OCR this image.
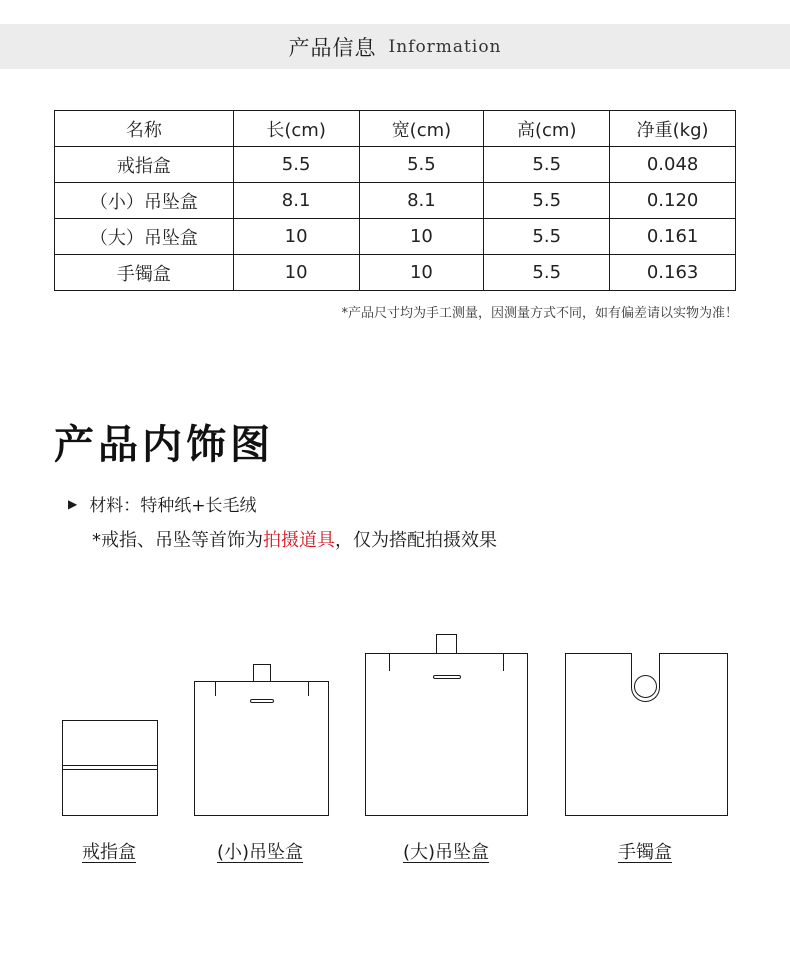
产品信息 Information
名称	长(cm)	宽(cm)	高(cm)	净重(kg)
戒指盒	5.5	5.5	5.5	0.048
（小）吊坠盒	8.1	8.1	5.5	0.120
（大）吊坠盒	10	10	5.5	0.161
手镯盒	10	10	5.5	0.163
*产品尺寸均为手工测量，因测量方式不同，如有偏差请以实物为准！
产品内饰图
▶ 材料：特种纸+长毛绒
*戒指、吊坠等首饰为拍摄道具，仅为搭配拍摄效果
戒指盒	(小)吊坠盒	(大)吊坠盒	手镯盒
